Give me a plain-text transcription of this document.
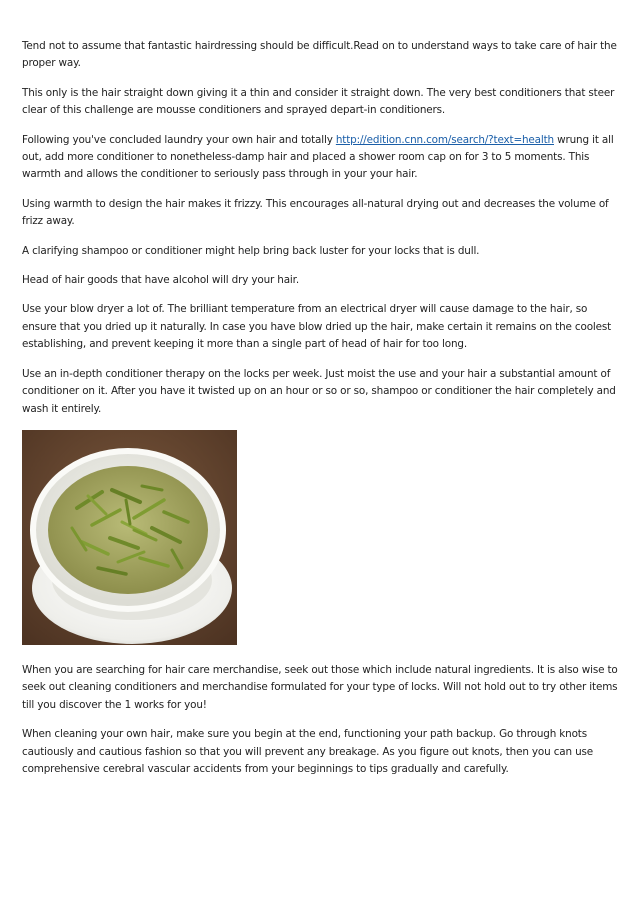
Tend not to assume that fantastic hairdressing should be difficult.Read on to understand ways to take care of hair the proper way.

This only is the hair straight down giving it a thin and consider it straight down. The very best conditioners that steer clear of this challenge are mousse conditioners and sprayed depart-in conditioners.

Following you've concluded laundry your own hair and totally http://edition.cnn.com/search/?text=health wrung it all out, add more conditioner to nonetheless-damp hair and placed a shower room cap on for 3 to 5 moments. This warmth and allows the conditioner to seriously pass through in your your hair.

Using warmth to design the hair makes it frizzy. This encourages all-natural drying out and decreases the volume of frizz away.

A clarifying shampoo or conditioner might help bring back luster for your locks that is dull.

Head of hair goods that have alcohol will dry your hair.

Use your blow dryer a lot of. The brilliant temperature from an electrical dryer will cause damage to the hair, so ensure that you dried up it naturally. In case you have blow dried up the hair, make certain it remains on the coolest establishing, and prevent keeping it more than a single part of head of hair for too long.

Use an in-depth conditioner therapy on the locks per week. Just moist the use and your hair a substantial amount of conditioner on it. After you have it twisted up on an hour or so or so, shampoo or conditioner the hair completely and wash it entirely.

When you are searching for hair care merchandise, seek out those which include natural ingredients. It is also wise to seek out cleaning conditioners and merchandise formulated for your type of locks. Will not hold out to try other items till you discover the 1 works for you!

When cleaning your own hair, make sure you begin at the end, functioning your path backup. Go through knots cautiously and cautious fashion so that you will prevent any breakage. As you figure out knots, then you can use comprehensive cerebral vascular accidents from your beginnings to tips gradually and carefully.
